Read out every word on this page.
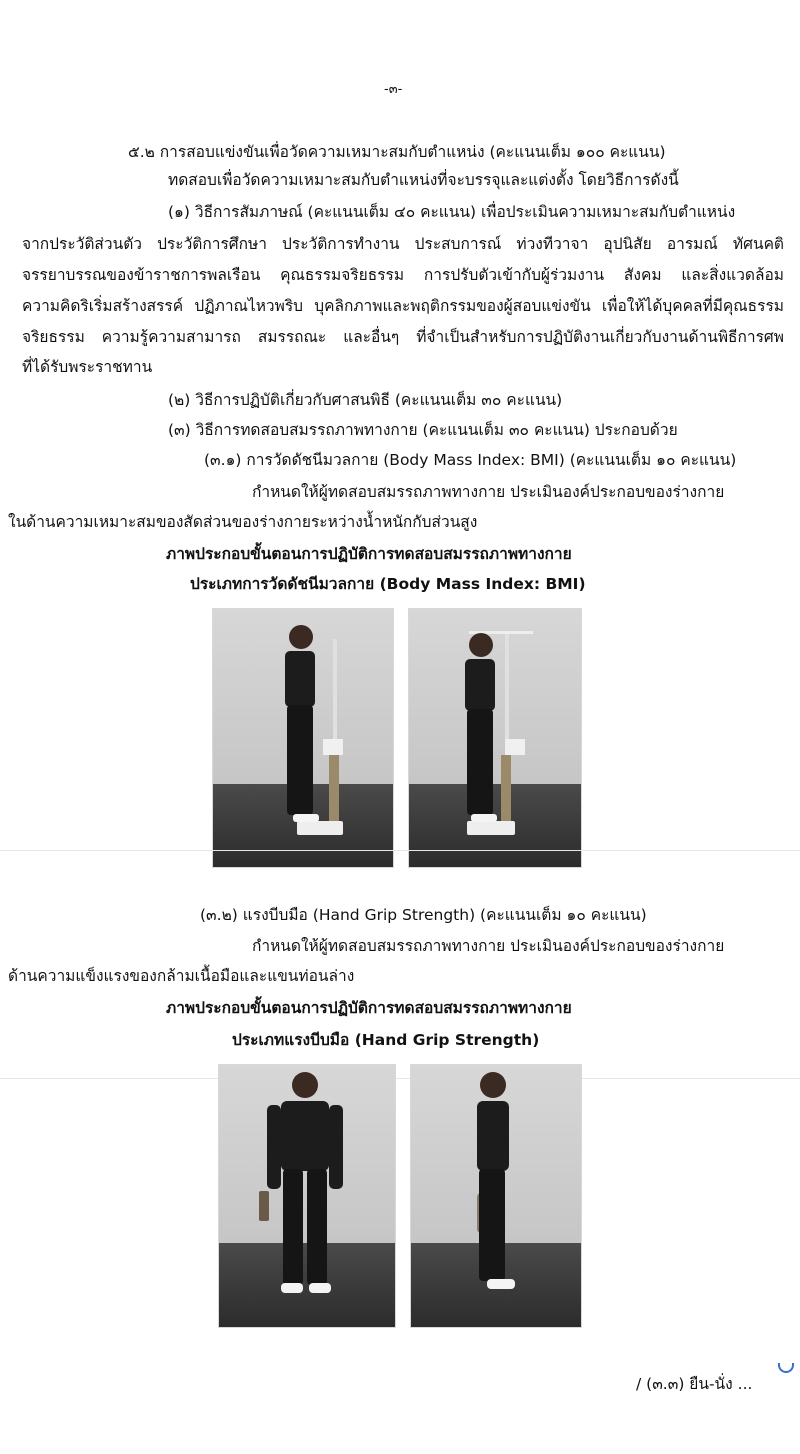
-๓-
๕.๒ การสอบแข่งขันเพื่อวัดความเหมาะสมกับตำแหน่ง (คะแนนเต็ม ๑๐๐ คะแนน)
ทดสอบเพื่อวัดความเหมาะสมกับตำแหน่งที่จะบรรจุและแต่งตั้ง โดยวิธีการดังนี้
(๑) วิธีการสัมภาษณ์ (คะแนนเต็ม ๔๐ คะแนน) เพื่อประเมินความเหมาะสมกับตำแหน่ง
จากประวัติส่วนตัว ประวัติการศึกษา ประวัติการทำงาน ประสบการณ์ ท่วงทีวาจา อุปนิสัย อารมณ์ ทัศนคติ
จรรยาบรรณของข้าราชการพลเรือน คุณธรรมจริยธรรม การปรับตัวเข้ากับผู้ร่วมงาน สังคม และสิ่งแวดล้อม
ความคิดริเริ่มสร้างสรรค์ ปฏิภาณไหวพริบ บุคลิกภาพและพฤติกรรมของผู้สอบแข่งขัน เพื่อให้ได้บุคคลที่มีคุณธรรม
จริยธรรม ความรู้ความสามารถ สมรรถณะ และอื่นๆ ที่จำเป็นสำหรับการปฏิบัติงานเกี่ยวกับงานด้านพิธีการศพ
ที่ได้รับพระราชทาน
(๒) วิธีการปฏิบัติเกี่ยวกับศาสนพิธี (คะแนนเต็ม ๓๐ คะแนน)
(๓) วิธีการทดสอบสมรรถภาพทางกาย (คะแนนเต็ม ๓๐ คะแนน) ประกอบด้วย
(๓.๑) การวัดดัชนีมวลกาย (Body Mass Index: BMI) (คะแนนเต็ม ๑๐ คะแนน)
กำหนดให้ผู้ทดสอบสมรรถภาพทางกาย ประเมินองค์ประกอบของร่างกาย
ในด้านความเหมาะสมของสัดส่วนของร่างกายระหว่างน้ำหนักกับส่วนสูง
ภาพประกอบขั้นตอนการปฏิบัติการทดสอบสมรรถภาพทางกาย
ประเภทการวัดดัชนีมวลกาย (Body Mass Index: BMI)
(๓.๒) แรงบีบมือ (Hand Grip Strength) (คะแนนเต็ม ๑๐ คะแนน)
กำหนดให้ผู้ทดสอบสมรรถภาพทางกาย ประเมินองค์ประกอบของร่างกาย
ด้านความแข็งแรงของกล้ามเนื้อมือและแขนท่อนล่าง
ภาพประกอบขั้นตอนการปฏิบัติการทดสอบสมรรถภาพทางกาย
ประเภทแรงบีบมือ (Hand Grip Strength)
/ (๓.๓) ยืน-นั่ง ...
